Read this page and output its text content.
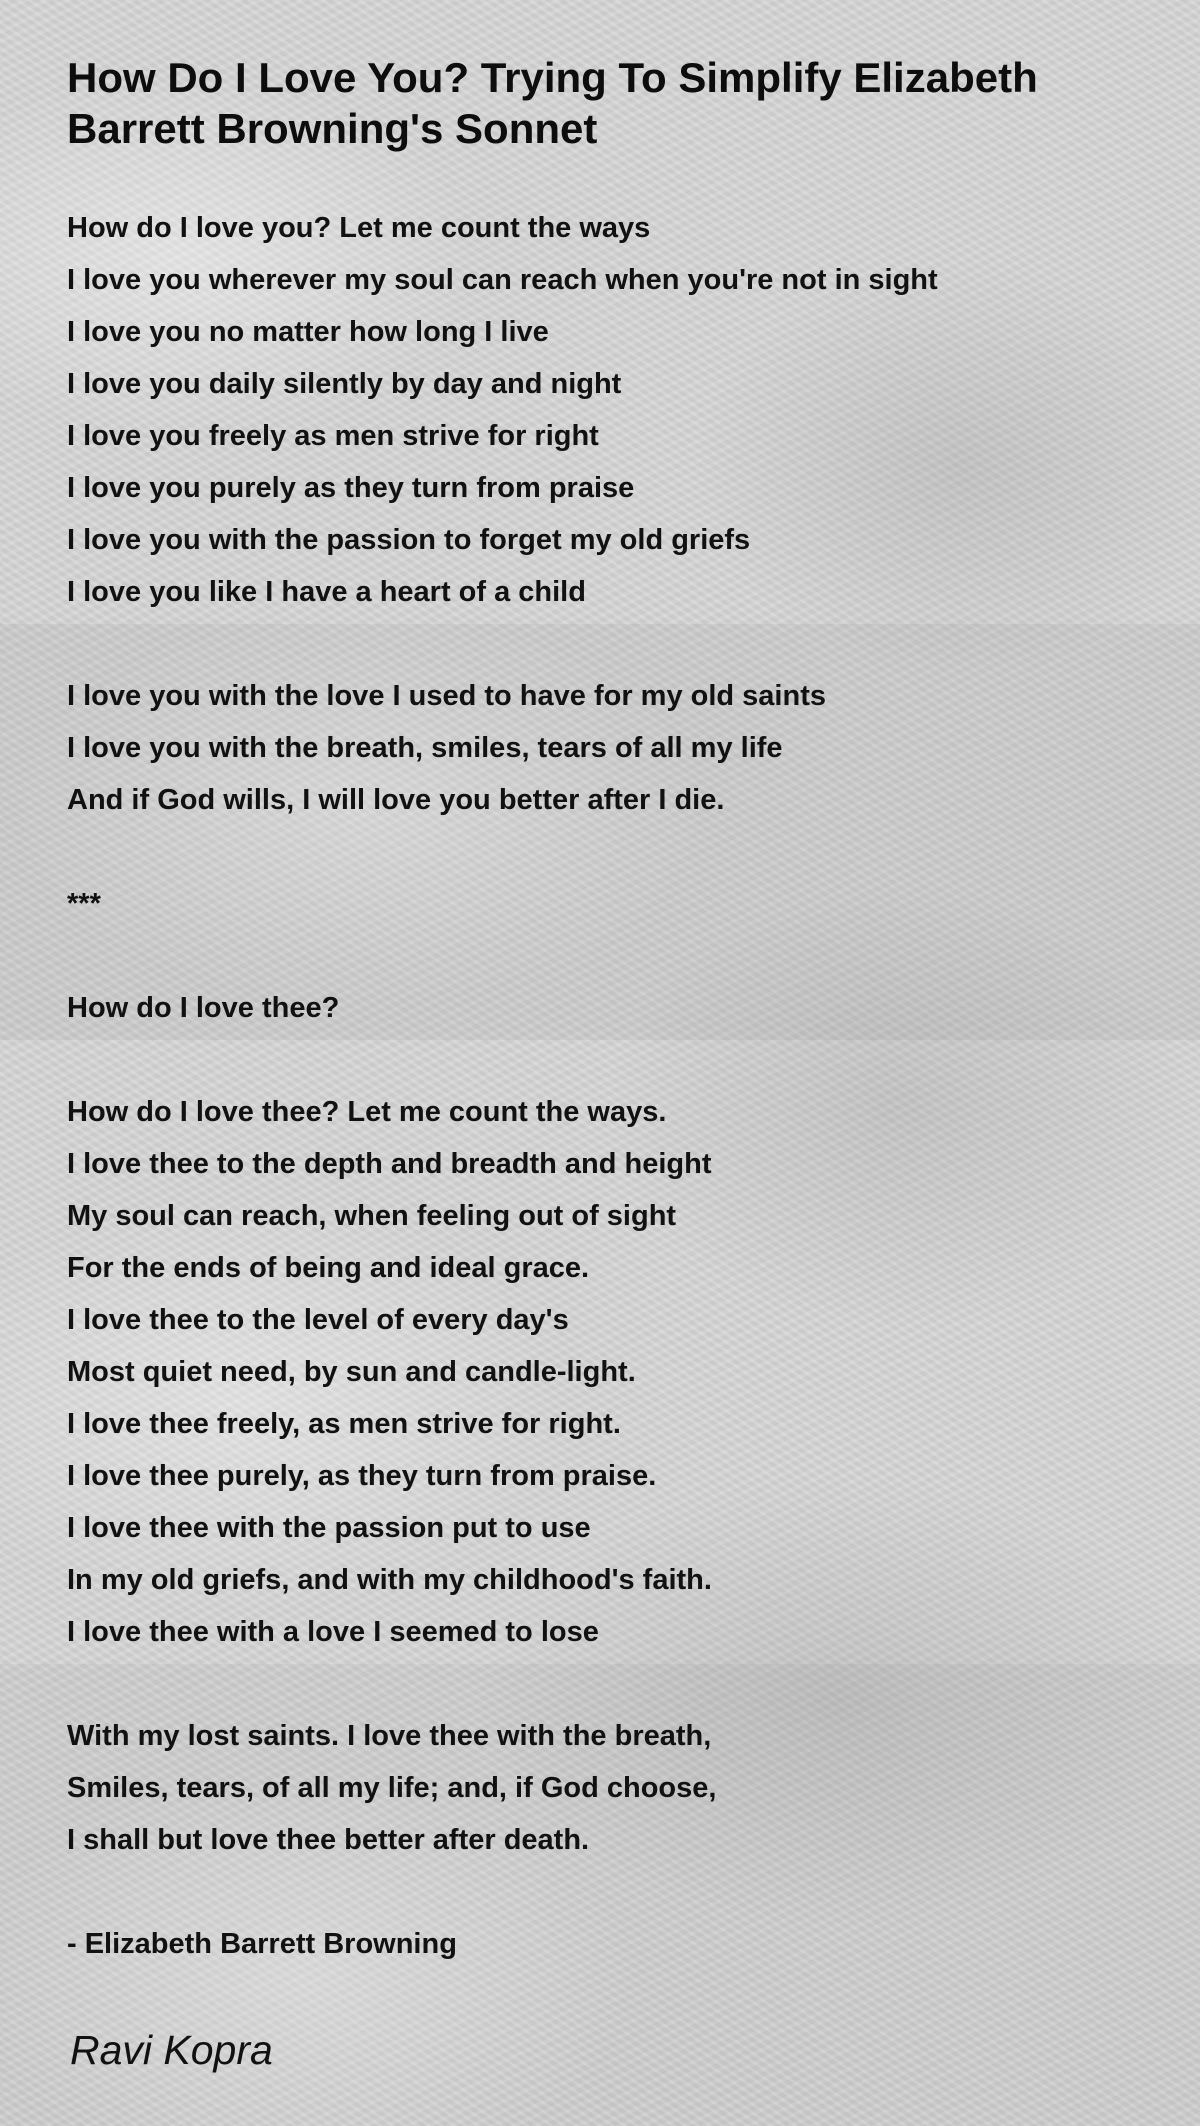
How Do I Love You? Trying To Simplify Elizabeth Barrett Browning's Sonnet
How do I love you? Let me count the ways
I love you wherever my soul can reach when you're not in sight
I love you no matter how long I live
I love you daily silently by day and night
I love you freely as men strive for right
I love you purely as they turn from praise
I love you with the passion to forget my old griefs
I love you like I have a heart of a child
I love you with the love I used to have for my old saints
I love you with the breath, smiles, tears of all my life
And if God wills, I will love you better after I die.
***
How do I love thee?
How do I love thee? Let me count the ways.
I love thee to the depth and breadth and height
My soul can reach, when feeling out of sight
For the ends of being and ideal grace.
I love thee to the level of every day's
Most quiet need, by sun and candle-light.
I love thee freely, as men strive for right.
I love thee purely, as they turn from praise.
I love thee with the passion put to use
In my old griefs, and with my childhood's faith.
I love thee with a love I seemed to lose
With my lost saints. I love thee with the breath,
Smiles, tears, of all my life; and, if God choose,
I shall but love thee better after death.
- Elizabeth Barrett Browning
Ravi Kopra
